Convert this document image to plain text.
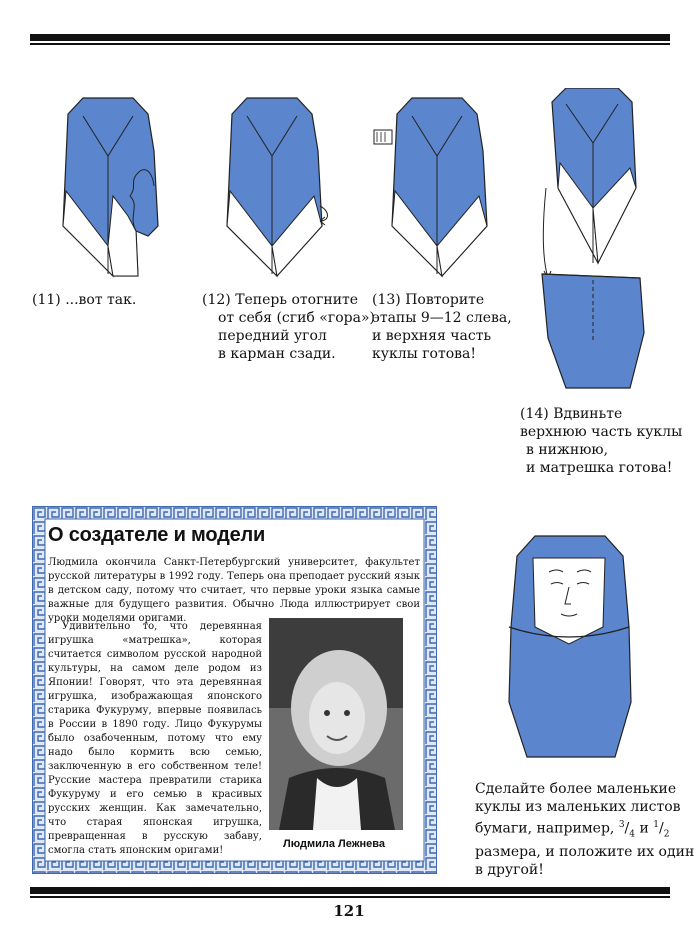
(11) ...вот так.	(12) Теперь отогните
от себя (сгиб «гора»)
передний угол
в карман сзади.
(13) Повторите
этапы 9—12 слева,
и верхняя часть
куклы готова!
(14) Вдвиньте
верхнюю часть куклы
в нижнюю,
и матрешка готова!
О создателе и модели

Людмила окончила Санкт-Петербургский университет, факультет русской литературы в 1992 году. Теперь она преподает русский язык в детском саду, потому что считает, что первые уроки языка самые важные для будущего развития. Обычно Люда иллюстрирует свои уроки моделями оригами.

Удивительно то, что деревянная игрушка «матрешка», которая считается символом русской народной культуры, на самом деле родом из Японии! Говорят, что эта деревянная игрушка, изображающая японского старика Фукуруму, впервые появилась в России в 1890 году. Лицо Фукурумы было озабоченным, потому что ему надо было кормить всю семью, заключенную в его собственном теле! Русские мастера превратили старика Фукуруму и его семью в красивых русских женщин. Как замечательно, что старая японская игрушка, превращенная в русскую забаву, смогла стать японским оригами!

Людмила Лежнева
Сделайте более маленькие
куклы из маленьких листов
бумаги, например, $^3/_4$ и $^1/_2$
размера, и положите их один
в другой!
121
